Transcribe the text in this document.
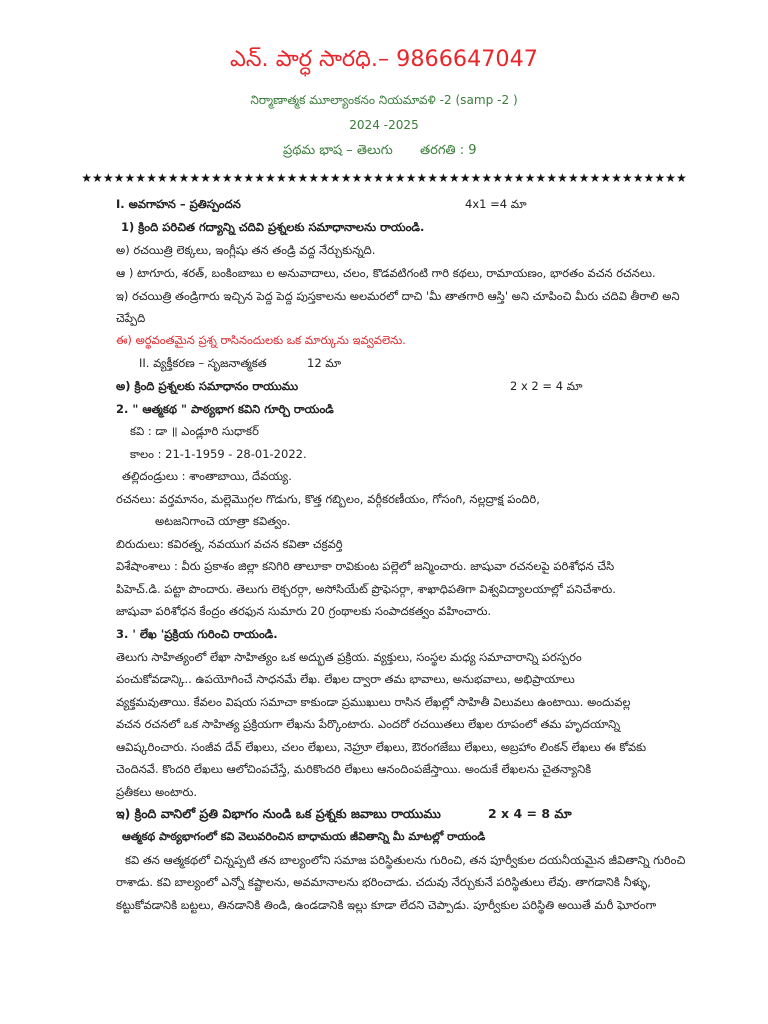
ఎన్. పార్ధ సారధి.– 9866647047
నిర్మాణాత్మక మూల్యాంకనం నియమావళి -2 (samp -2 )
2024 -2025
ప్రథమ భాష – తెలుగు తరగతి : 9
★★★★★★★★★★★★★★★★★★★★★★★★★★★★★★★★★★★★★★★★★★★★★★★★★★★★★★★★
I. అవగాహన – ప్రతిస్పందన	4x1 =4 మా
1) క్రింది పరిచిత గద్యాన్ని చదివి ప్రశ్నలకు సమాధానాలను రాయండి.
అ) రచయిత్రి లెక్కలు, ఇంగ్లీషు తన తండ్రి వద్ద నేర్చుకున్నది.
ఆ ) టాగూరు, శరత్, బంకింబాబు ల అనువాదాలు, చలం, కొడవటిగంటి గారి కథలు, రామాయణం, భారతం వచన రచనలు.
ఇ) రచయిత్రి తండ్రిగారు ఇచ్చిన పెద్ద పెద్ద పుస్తకాలను అలమరలో దాచి 'మీ తాతగారి ఆస్తి' అని చూపించి మీరు చదివి తీరాలి అని
చెప్పేది
ఈ) అర్థవంతమైన ప్రశ్న రాసినందులకు ఒక మార్కును ఇవ్వవలెను.
II. వ్యక్తీకరణ – సృజనాత్మకత	12 మా
అ) క్రింది ప్రశ్నలకు సమాధానం రాయుము	2 x 2 = 4 మా
2. " ఆత్మకథ " పాఠ్యభాగ కవిని గూర్చి రాయండి
కవి : డా ॥ ఎండ్లూరి సుధాకర్
కాలం : 21-1-1959 - 28-01-2022.
తల్లిదండ్రులు : శాంతాబాయి, దేవయ్య.
రచనలు: వర్తమానం, మల్లెమొగ్గల గొడుగు, కొత్త గబ్బిలం, వర్గీకరణీయం, గోసంగి, నల్లద్రాక్ష పందిరి,
అటజనిగాంచె యాత్రా కవిత్వం.
బిరుదులు: కవిరత్న, నవయుగ వచన కవితా చక్రవర్తి
విశేషాంశాలు : వీరు ప్రకాశం జిల్లా కనిగిరి తాలూకా రావికుంట పల్లెలో జన్మించారు. జాషువా రచనలపై పరిశోధన చేసి
పిహెచ్.డి. పట్టా పొందారు. తెలుగు లెక్చరర్గా, అసోసియేట్ ప్రొఫెసర్గా, శాఖాధిపతిగా విశ్వవిద్యాలయాల్లో పనిచేశారు.
జాషువా పరిశోధన కేంద్రం తరఫున సుమారు 20 గ్రంథాలకు సంపాదకత్వం వహించారు.
3. ' లేఖ 'ప్రక్రియ గురించి రాయండి.
తెలుగు సాహిత్యంలో లేఖా సాహిత్యం ఒక అద్భుత ప్రక్రియ. వ్యక్తులు, సంస్థల మధ్య సమాచారాన్ని పరస్పరం
పంచుకోవడాన్కి.. ఉపయోగించే సాధనమే లేఖ. లేఖల ద్వారా తమ భావాలు, అనుభవాలు, అభిప్రాయాలు
వ్యక్తమవుతాయి. కేవలం విషయ సమాచా కాకుండా ప్రముఖులు రాసిన లేఖల్లో సాహితీ విలువలు ఉంటాయి. అందువల్ల
వచన రచనలో ఒక సాహిత్య ప్రక్రియగా లేఖను పేర్కొంటారు. ఎందరో రచయితలు లేఖల రూపంలో తమ హృదయాన్ని
ఆవిష్కరించారు. సంజీవ దేవ్ లేఖలు, చలం లేఖలు, నెహ్రూ లేఖలు, ఔరంగజేబు లేఖలు, అబ్రహాం లింకన్ లేఖలు ఈ కోవకు
చెందినవే. కొందరి లేఖలు ఆలోచింపచేస్తే, మరికొందరి లేఖలు ఆనందింపజేస్తాయి. అందుకే లేఖలను చైతన్యానికి
ప్రతీకలు అంటారు.
ఇ) క్రింది వానిలో ప్రతి విభాగం నుండి ఒక ప్రశ్నకు జవాబు రాయుము	2 x 4 = 8 మా
ఆత్మకథ పాఠ్యభాగంలో కవి వెలువరించిన బాధామయ జీవితాన్ని మీ మాటల్లో రాయండి
కవి తన ఆత్మకథలో చిన్నప్పటి తన బాల్యంలోని సమాజ పరిస్థితులను గురించి, తన పూర్వీకుల దయనీయమైన జీవితాన్ని గురించి
రాశాడు. కవి బాల్యంలో ఎన్నో కష్టాలను, అవమానాలను భరించాడు. చదువు నేర్చుకునే పరిస్థితులు లేవు. తాగడానికి నీళ్ళు,
కట్టుకోవడానికి బట్టలు, తినడానికి తిండి, ఉండడానికి ఇల్లు కూడా లేదని చెప్పాడు. పూర్వీకుల పరిస్థితి అయితే మరీ ఘోరంగా
